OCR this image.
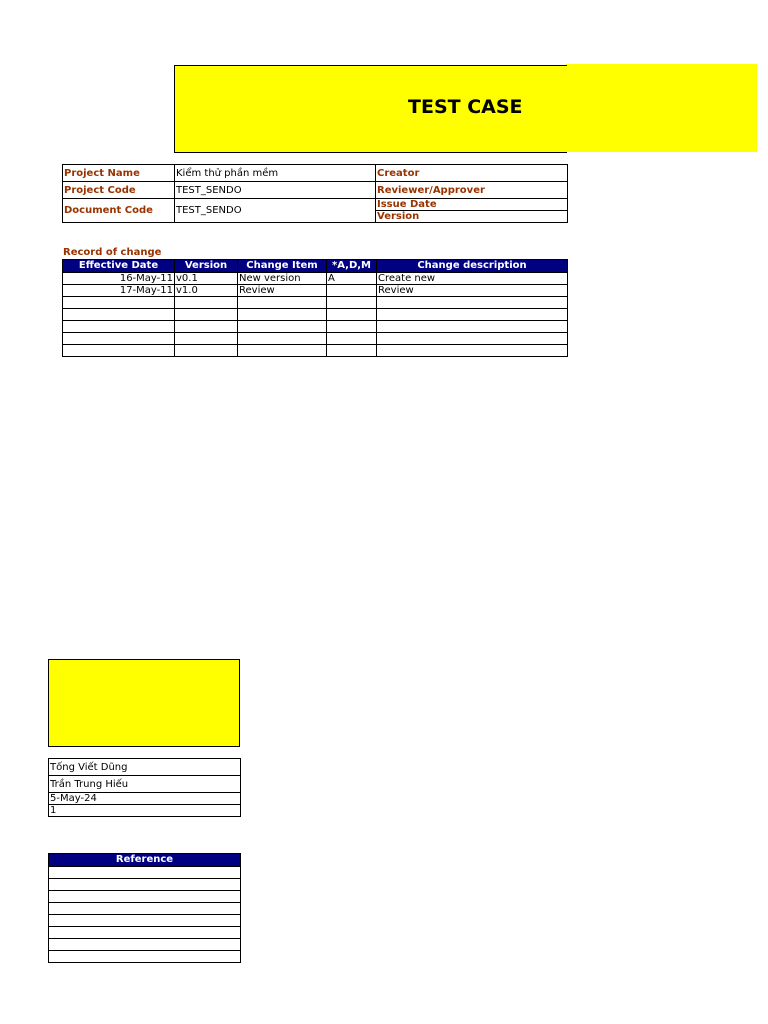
TEST CASE
Project Name	Kiểm thử phần mềm	Creator
Project Code	TEST_SENDO	Reviewer/Approver
Document Code	TEST_SENDO	Issue Date
		Version
Record of change
Effective Date	Version	Change Item	*A,D,M	Change description
16-May-11	v0.1	New version	A	Create new
17-May-11	v1.0	Review		Review

Tống Viết Dũng
Trần Trung Hiếu
5-May-24
1
Reference
